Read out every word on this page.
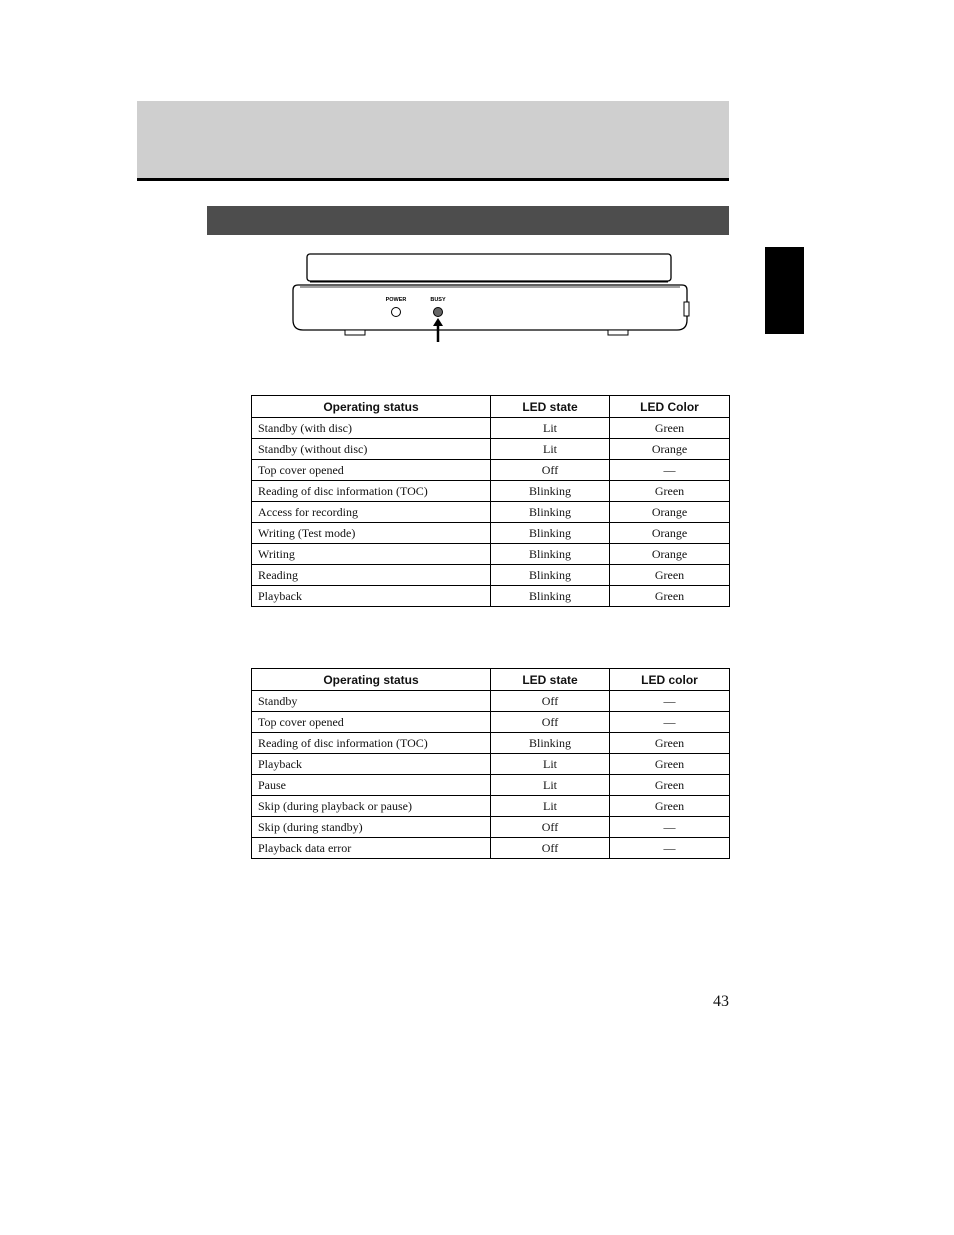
POWER	BUSY
Operating status	LED state	LED Color
Standby (with disc)	Lit	Green
Standby (without disc)	Lit	Orange
Top cover opened	Off	—
Reading of disc information (TOC)	Blinking	Green
Access for recording	Blinking	Orange
Writing (Test mode)	Blinking	Orange
Writing	Blinking	Orange
Reading	Blinking	Green
Playback	Blinking	Green
Operating status	LED state	LED color
Standby	Off	—
Top cover opened	Off	—
Reading of disc information (TOC)	Blinking	Green
Playback	Lit	Green
Pause	Lit	Green
Skip (during playback or pause)	Lit	Green
Skip (during standby)	Off	—
Playback data error	Off	—
43
